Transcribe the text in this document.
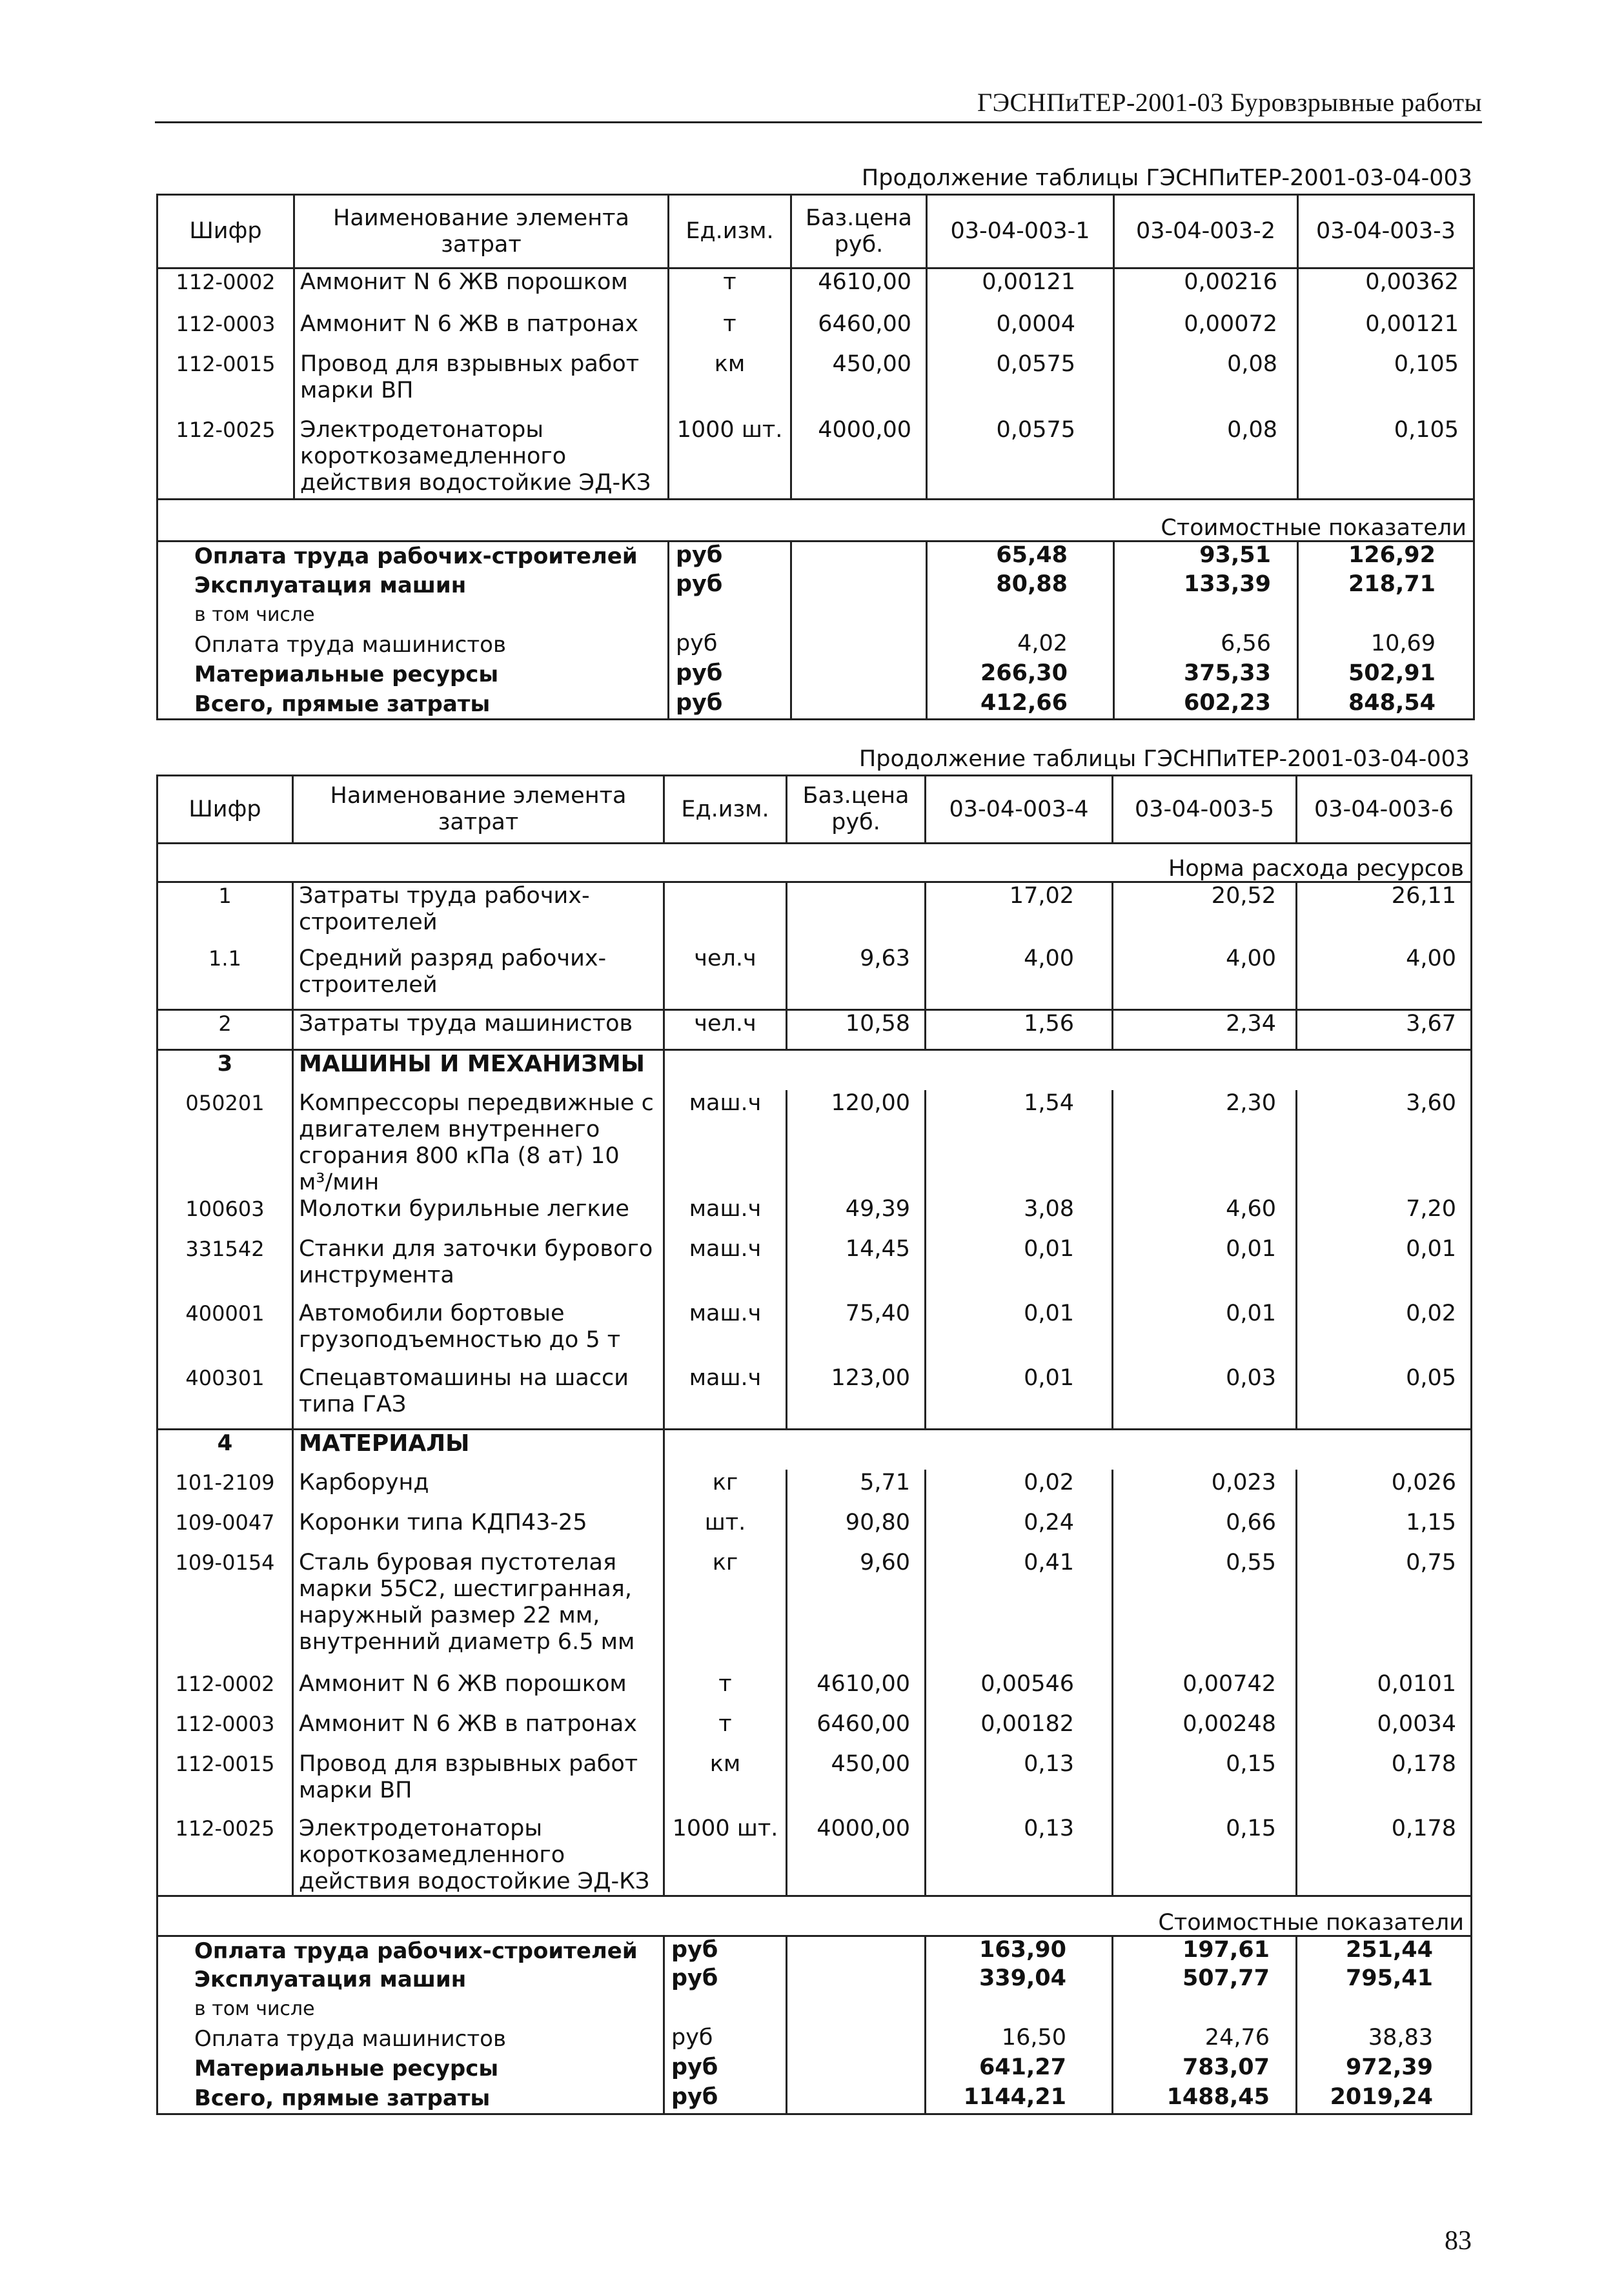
ГЭСНПиТЕР-2001-03 Буровзрывные работы
Продолжение таблицы ГЭСНПиТЕР-2001-03-04-003
Шифр	Наименование элемента затрат	Ед.изм.	Баз.цена руб.	03-04-003-1	03-04-003-2	03-04-003-3
112-0002	Аммонит N 6 ЖВ порошком	т	4610,00	0,00121	0,00216	0,00362
112-0003	Аммонит N 6 ЖВ в патронах	т	6460,00	0,0004	0,00072	0,00121
112-0015	Провод для взрывных работ марки ВП	км	450,00	0,0575	0,08	0,105
112-0025	Электродетонаторы короткозамедленного действия водостойкие ЭД-КЗ	1000 шт.	4000,00	0,0575	0,08	0,105
Стоимостные показатели						
Оплата труда рабочих-строителей		руб		65,48	93,51	126,92
Эксплуатация машин		руб		80,88	133,39	218,71
в том числе						
Оплата труда машинистов		руб		4,02	6,56	10,69
Материальные ресурсы		руб		266,30	375,33	502,91
Всего, прямые затраты		руб		412,66	602,23	848,54
Продолжение таблицы ГЭСНПиТЕР-2001-03-04-003
Шифр	Наименование элемента затрат	Ед.изм.	Баз.цена руб.	03-04-003-4	03-04-003-5	03-04-003-6
Норма расхода ресурсов						
1	Затраты труда рабочих-строителей			17,02	20,52	26,11
1.1	Средний разряд рабочих-строителей	чел.ч	9,63	4,00	4,00	4,00
2	Затраты труда машинистов	чел.ч	10,58	1,56	2,34	3,67
3	МАШИНЫ И МЕХАНИЗМЫ					
050201	Компрессоры передвижные с двигателем внутреннего сгорания 800 кПа (8 ат) 10 м³/мин	маш.ч	120,00	1,54	2,30	3,60
100603	Молотки бурильные легкие	маш.ч	49,39	3,08	4,60	7,20
331542	Станки для заточки бурового инструмента	маш.ч	14,45	0,01	0,01	0,01
400001	Автомобили бортовые грузоподъемностью до 5 т	маш.ч	75,40	0,01	0,01	0,02
400301	Спецавтомашины на шасси типа ГАЗ	маш.ч	123,00	0,01	0,03	0,05
4	МАТЕРИАЛЫ					
101-2109	Карборунд	кг	5,71	0,02	0,023	0,026
109-0047	Коронки типа КДП43-25	шт.	90,80	0,24	0,66	1,15
109-0154	Сталь буровая пустотелая марки 55С2, шестигранная, наружный размер 22 мм, внутренний диаметр 6.5 мм	кг	9,60	0,41	0,55	0,75
112-0002	Аммонит N 6 ЖВ порошком	т	4610,00	0,00546	0,00742	0,0101
112-0003	Аммонит N 6 ЖВ в патронах	т	6460,00	0,00182	0,00248	0,0034
112-0015	Провод для взрывных работ марки ВП	км	450,00	0,13	0,15	0,178
112-0025	Электродетонаторы короткозамедленного действия водостойкие ЭД-КЗ	1000 шт.	4000,00	0,13	0,15	0,178
Стоимостные показатели						
Оплата труда рабочих-строителей		руб		163,90	197,61	251,44
Эксплуатация машин		руб		339,04	507,77	795,41
в том числе						
Оплата труда машинистов		руб		16,50	24,76	38,83
Материальные ресурсы		руб		641,27	783,07	972,39
Всего, прямые затраты		руб		1144,21	1488,45	2019,24
83
